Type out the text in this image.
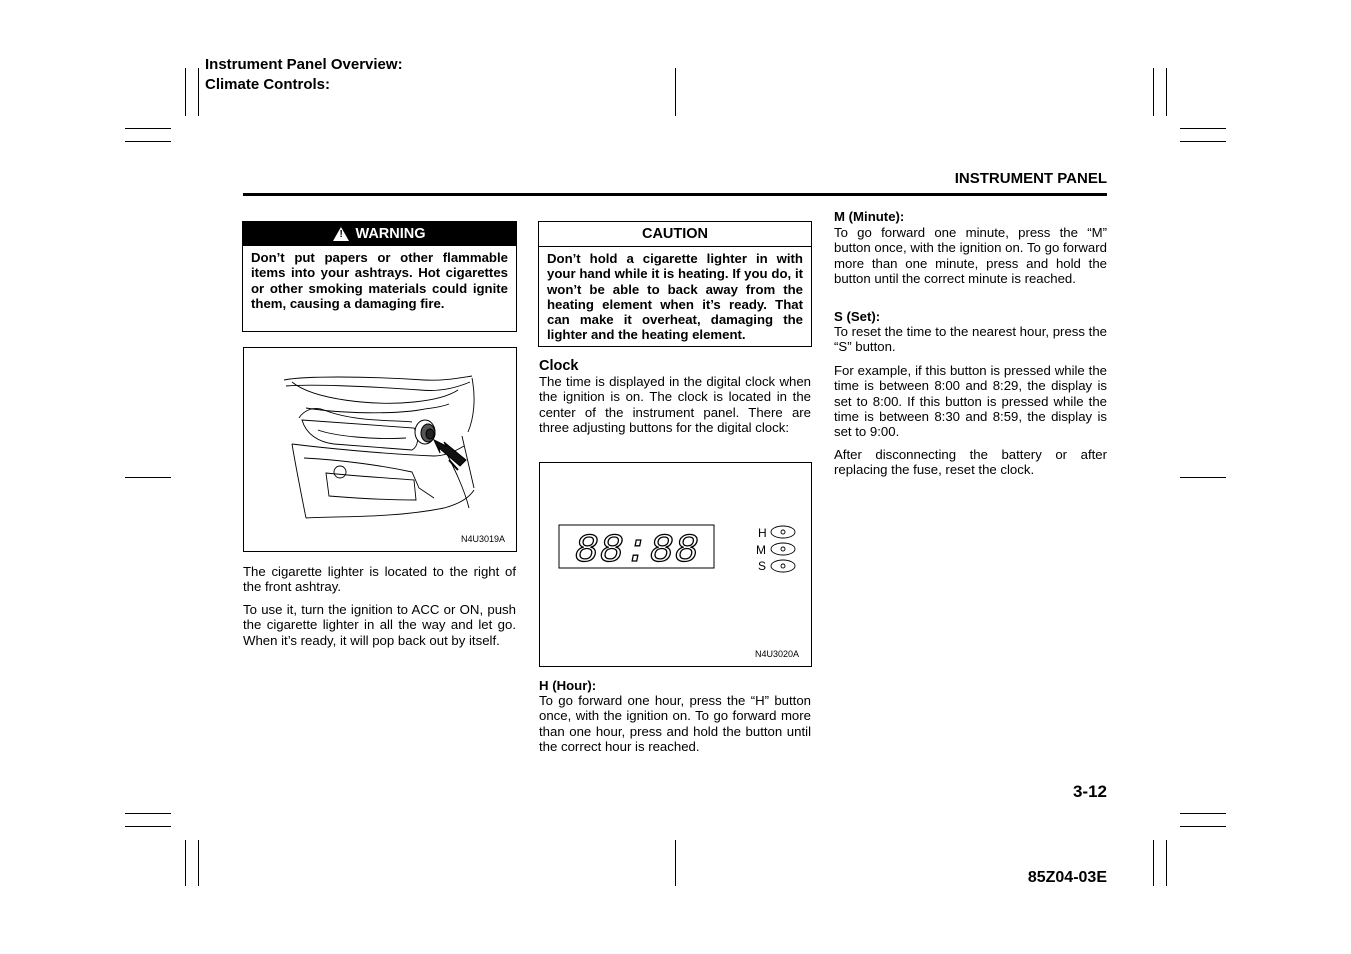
Instrument Panel Overview:
Climate Controls:
INSTRUMENT PANEL
! WARNING
Don’t put papers or other flammable items into your ashtrays. Hot cigarettes or other smoking materials could ignite them, causing a damaging fire.
N4U3019A
The cigarette lighter is located to the right of the front ashtray.
To use it, turn the ignition to ACC or ON, push the cigarette lighter in all the way and let go. When it’s ready, it will pop back out by itself.
CAUTION
Don’t hold a cigarette lighter in with your hand while it is heating. If you do, it won’t be able to back away from the heating element when it’s ready. That can make it overheat, damaging the lighter and the heating element.
Clock
The time is displayed in the digital clock when the ignition is on. The clock is located in the center of the instrument panel. There are three adjusting buttons for the digital clock:
88:88	H
M
S
N4U3020A
H (Hour):
To go forward one hour, press the “H” button once, with the ignition on. To go forward more than one hour, press and hold the button until the correct hour is reached.
M (Minute):
To go forward one minute, press the “M” button once, with the ignition on. To go forward more than one minute, press and hold the button until the correct minute is reached.
S (Set):
To reset the time to the nearest hour, press the “S” button.
For example, if this button is pressed while the time is between 8:00 and 8:29, the display is set to 8:00. If this button is pressed while the time is between 8:30 and 8:59, the display is set to 9:00.
After disconnecting the battery or after replacing the fuse, reset the clock.
3-12
85Z04-03E
